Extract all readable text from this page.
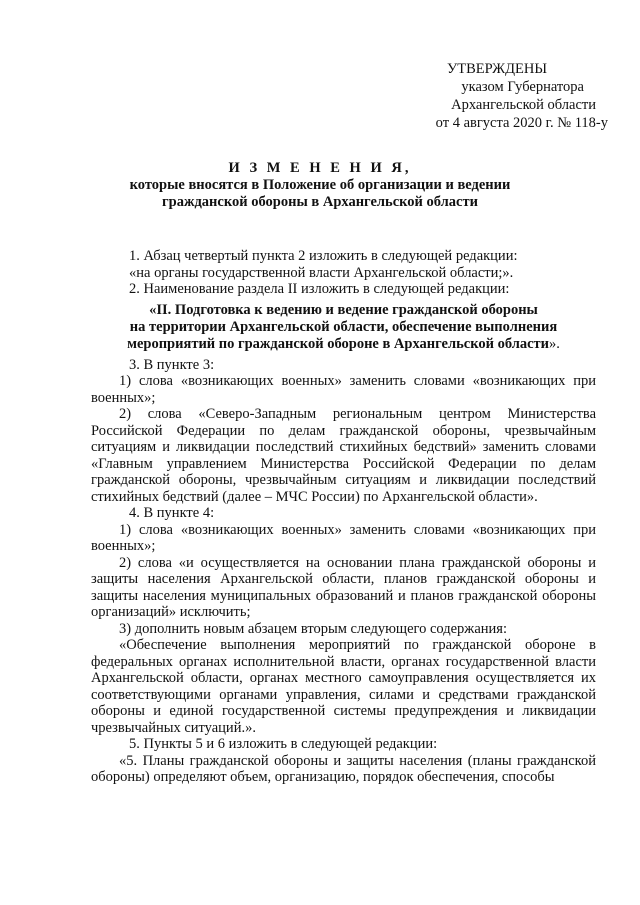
УТВЕРЖДЕНЫ
указом Губернатора
Архангельской области
от 4 августа 2020 г. № 118-у
И З М Е Н Е Н И Я,
которые вносятся в Положение об организации и ведении
гражданской обороны в Архангельской области

1. Абзац четвертый пункта 2 изложить в следующей редакции:

«на органы государственной власти Архангельской области;».

2. Наименование раздела II изложить в следующей редакции:

«II. Подготовка к ведению и ведение гражданской обороны
на территории Архангельской области, обеспечение выполнения
мероприятий по гражданской обороне в Архангельской области».

3. В пункте 3:

1) слова «возникающих военных» заменить словами «возникающих при военных»;

2) слова «Северо-Западным региональным центром Министерства Российской Федерации по делам гражданской обороны, чрезвычайным ситуациям и ликвидации последствий стихийных бедствий» заменить словами «Главным управлением Министерства Российской Федерации по делам гражданской обороны, чрезвычайным ситуациям и ликвидации последствий стихийных бедствий (далее – МЧС России) по Архангельской области».

4. В пункте 4:

1) слова «возникающих военных» заменить словами «возникающих при военных»;

2) слова «и осуществляется на основании плана гражданской обороны и защиты населения Архангельской области, планов гражданской обороны и защиты населения муниципальных образований и планов гражданской обороны организаций» исключить;

3) дополнить новым абзацем вторым следующего содержания:

«Обеспечение выполнения мероприятий по гражданской обороне в федеральных органах исполнительной власти, органах государственной власти Архангельской области, органах местного самоуправления осуществляется их соответствующими органами управления, силами и средствами гражданской обороны и единой государственной системы предупреждения и ликвидации чрезвычайных ситуаций.».

5. Пункты 5 и 6 изложить в следующей редакции:

«5. Планы гражданской обороны и защиты населения (планы гражданской обороны) определяют объем, организацию, порядок обеспечения, способы
